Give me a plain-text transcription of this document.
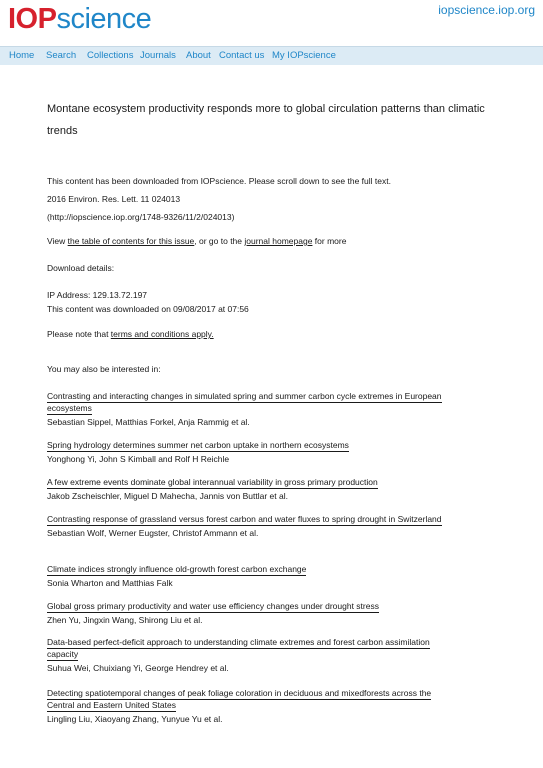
IOPscience	iopscience.iop.org
Home Search Collections Journals About Contact us My IOPscience
Montane ecosystem productivity responds more to global circulation patterns than climatic trends
This content has been downloaded from IOPscience. Please scroll down to see the full text.
2016 Environ. Res. Lett. 11 024013
(http://iopscience.iop.org/1748-9326/11/2/024013)
View the table of contents for this issue, or go to the journal homepage for more
Download details:
IP Address: 129.13.72.197
This content was downloaded on 09/08/2017 at 07:56
Please note that terms and conditions apply.
You may also be interested in:
Contrasting and interacting changes in simulated spring and summer carbon cycle extremes in European ecosystems
Sebastian Sippel, Matthias Forkel, Anja Rammig et al.
Spring hydrology determines summer net carbon uptake in northern ecosystems
Yonghong Yi, John S Kimball and Rolf H Reichle
A few extreme events dominate global interannual variability in gross primary production
Jakob Zscheischler, Miguel D Mahecha, Jannis von Buttlar et al.
Contrasting response of grassland versus forest carbon and water fluxes to spring drought in Switzerland
Sebastian Wolf, Werner Eugster, Christof Ammann et al.
Climate indices strongly influence old-growth forest carbon exchange
Sonia Wharton and Matthias Falk
Global gross primary productivity and water use efficiency changes under drought stress
Zhen Yu, Jingxin Wang, Shirong Liu et al.
Data-based perfect-deficit approach to understanding climate extremes and forest carbon assimilation capacity
Suhua Wei, Chuixiang Yi, George Hendrey et al.
Detecting spatiotemporal changes of peak foliage coloration in deciduous and mixedforests across the Central and Eastern United States
Lingling Liu, Xiaoyang Zhang, Yunyue Yu et al.
